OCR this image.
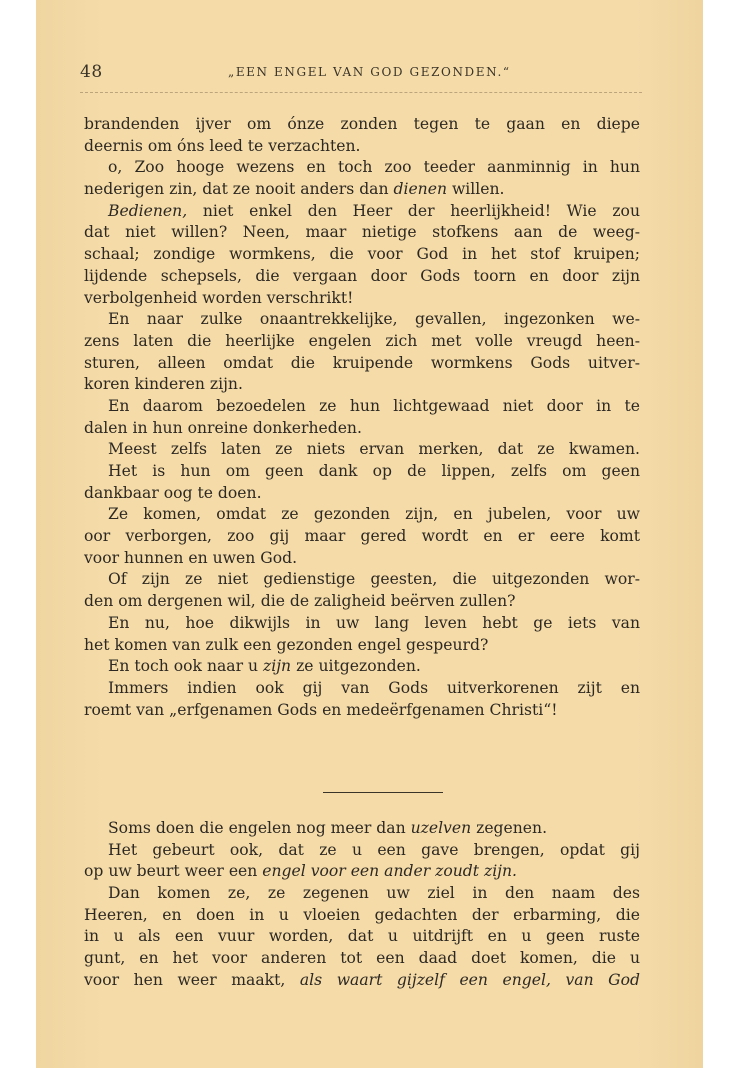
48	„EEN ENGEL VAN GOD GEZONDEN.“
brandenden ijver om ónze zonden tegen te gaan en diepe
deernis om óns leed te verzachten.
o, Zoo hooge wezens en toch zoo teeder aanminnig in hun
nederigen zin, dat ze nooit anders dan dienen willen.
Bedienen, niet enkel den Heer der heerlijkheid! Wie zou
dat niet willen? Neen, maar nietige stofkens aan de weeg-
schaal; zondige wormkens, die voor God in het stof kruipen;
lijdende schepsels, die vergaan door Gods toorn en door zijn
verbolgenheid worden verschrikt!
En naar zulke onaantrekkelijke, gevallen, ingezonken we-
zens laten die heerlijke engelen zich met volle vreugd heen-
sturen, alleen omdat die kruipende wormkens Gods uitver-
koren kinderen zijn.
En daarom bezoedelen ze hun lichtgewaad niet door in te
dalen in hun onreine donkerheden.
Meest zelfs laten ze niets ervan merken, dat ze kwamen.
Het is hun om geen dank op de lippen, zelfs om geen
dankbaar oog te doen.
Ze komen, omdat ze gezonden zijn, en jubelen, voor uw
oor verborgen, zoo gij maar gered wordt en er eere komt
voor hunnen en uwen God.
Of zijn ze niet gedienstige geesten, die uitgezonden wor-
den om dergenen wil, die de zaligheid beërven zullen?
En nu, hoe dikwijls in uw lang leven hebt ge iets van
het komen van zulk een gezonden engel gespeurd?
En toch ook naar u zijn ze uitgezonden.
Immers indien ook gij van Gods uitverkorenen zijt en
roemt van „erfgenamen Gods en medeërfgenamen Christi“!
Soms doen die engelen nog meer dan uzelven zegenen.
Het gebeurt ook, dat ze u een gave brengen, opdat gij
op uw beurt weer een engel voor een ander zoudt zijn.
Dan komen ze, ze zegenen uw ziel in den naam des
Heeren, en doen in u vloeien gedachten der erbarming, die
in u als een vuur worden, dat u uitdrijft en u geen ruste
gunt, en het voor anderen tot een daad doet komen, die u
voor hen weer maakt, als waart gijzelf een engel, van God
